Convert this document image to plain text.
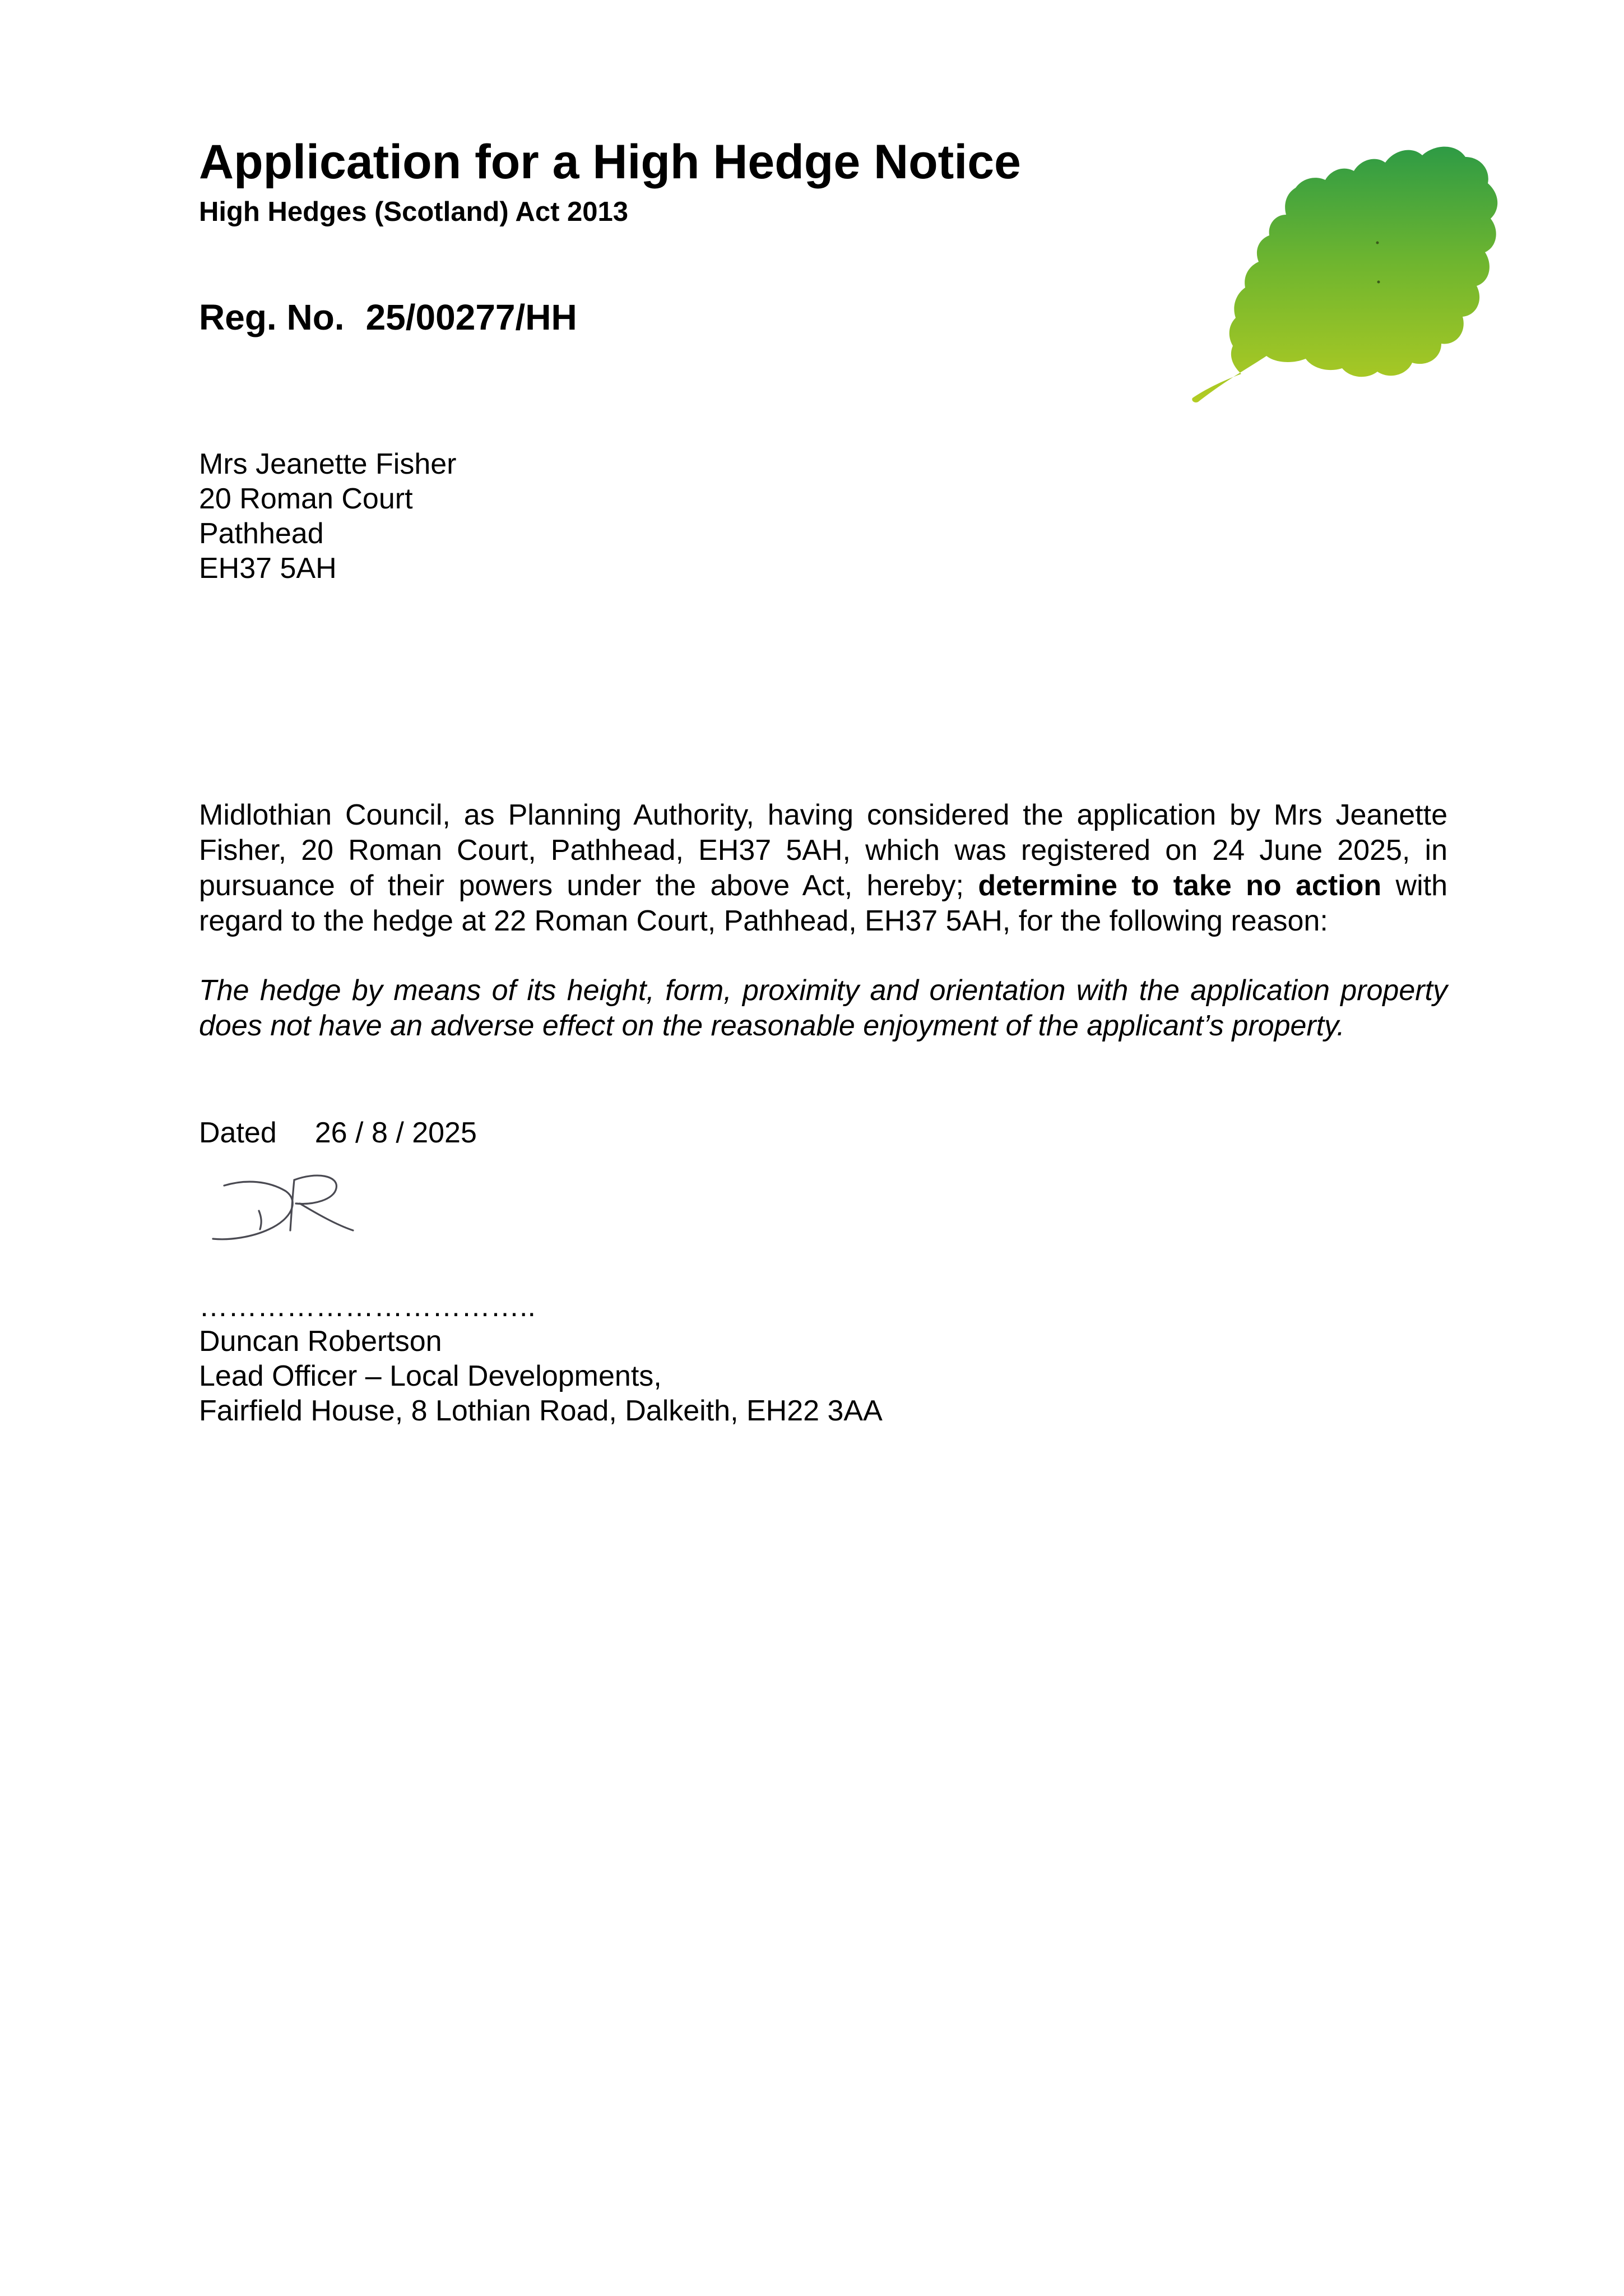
Application for a High Hedge Notice
High Hedges (Scotland) Act 2013
Reg. No. 25/00277/HH
Mrs Jeanette Fisher
20 Roman Court
Pathhead
EH37 5AH
Midlothian Council, as Planning Authority, having considered the application by Mrs Jeanette Fisher, 20 Roman Court, Pathhead, EH37 5AH, which was registered on 24 June 2025, in pursuance of their powers under the above Act, hereby; determine to take no action with regard to the hedge at 22 Roman Court, Pathhead, EH37 5AH, for the following reason:
The hedge by means of its height, form, proximity and orientation with the application property does not have an adverse effect on the reasonable enjoyment of the applicant’s property.
Dated 26 / 8 / 2025
……………………………..
Duncan Robertson
Lead Officer – Local Developments,
Fairfield House, 8 Lothian Road, Dalkeith, EH22 3AA
